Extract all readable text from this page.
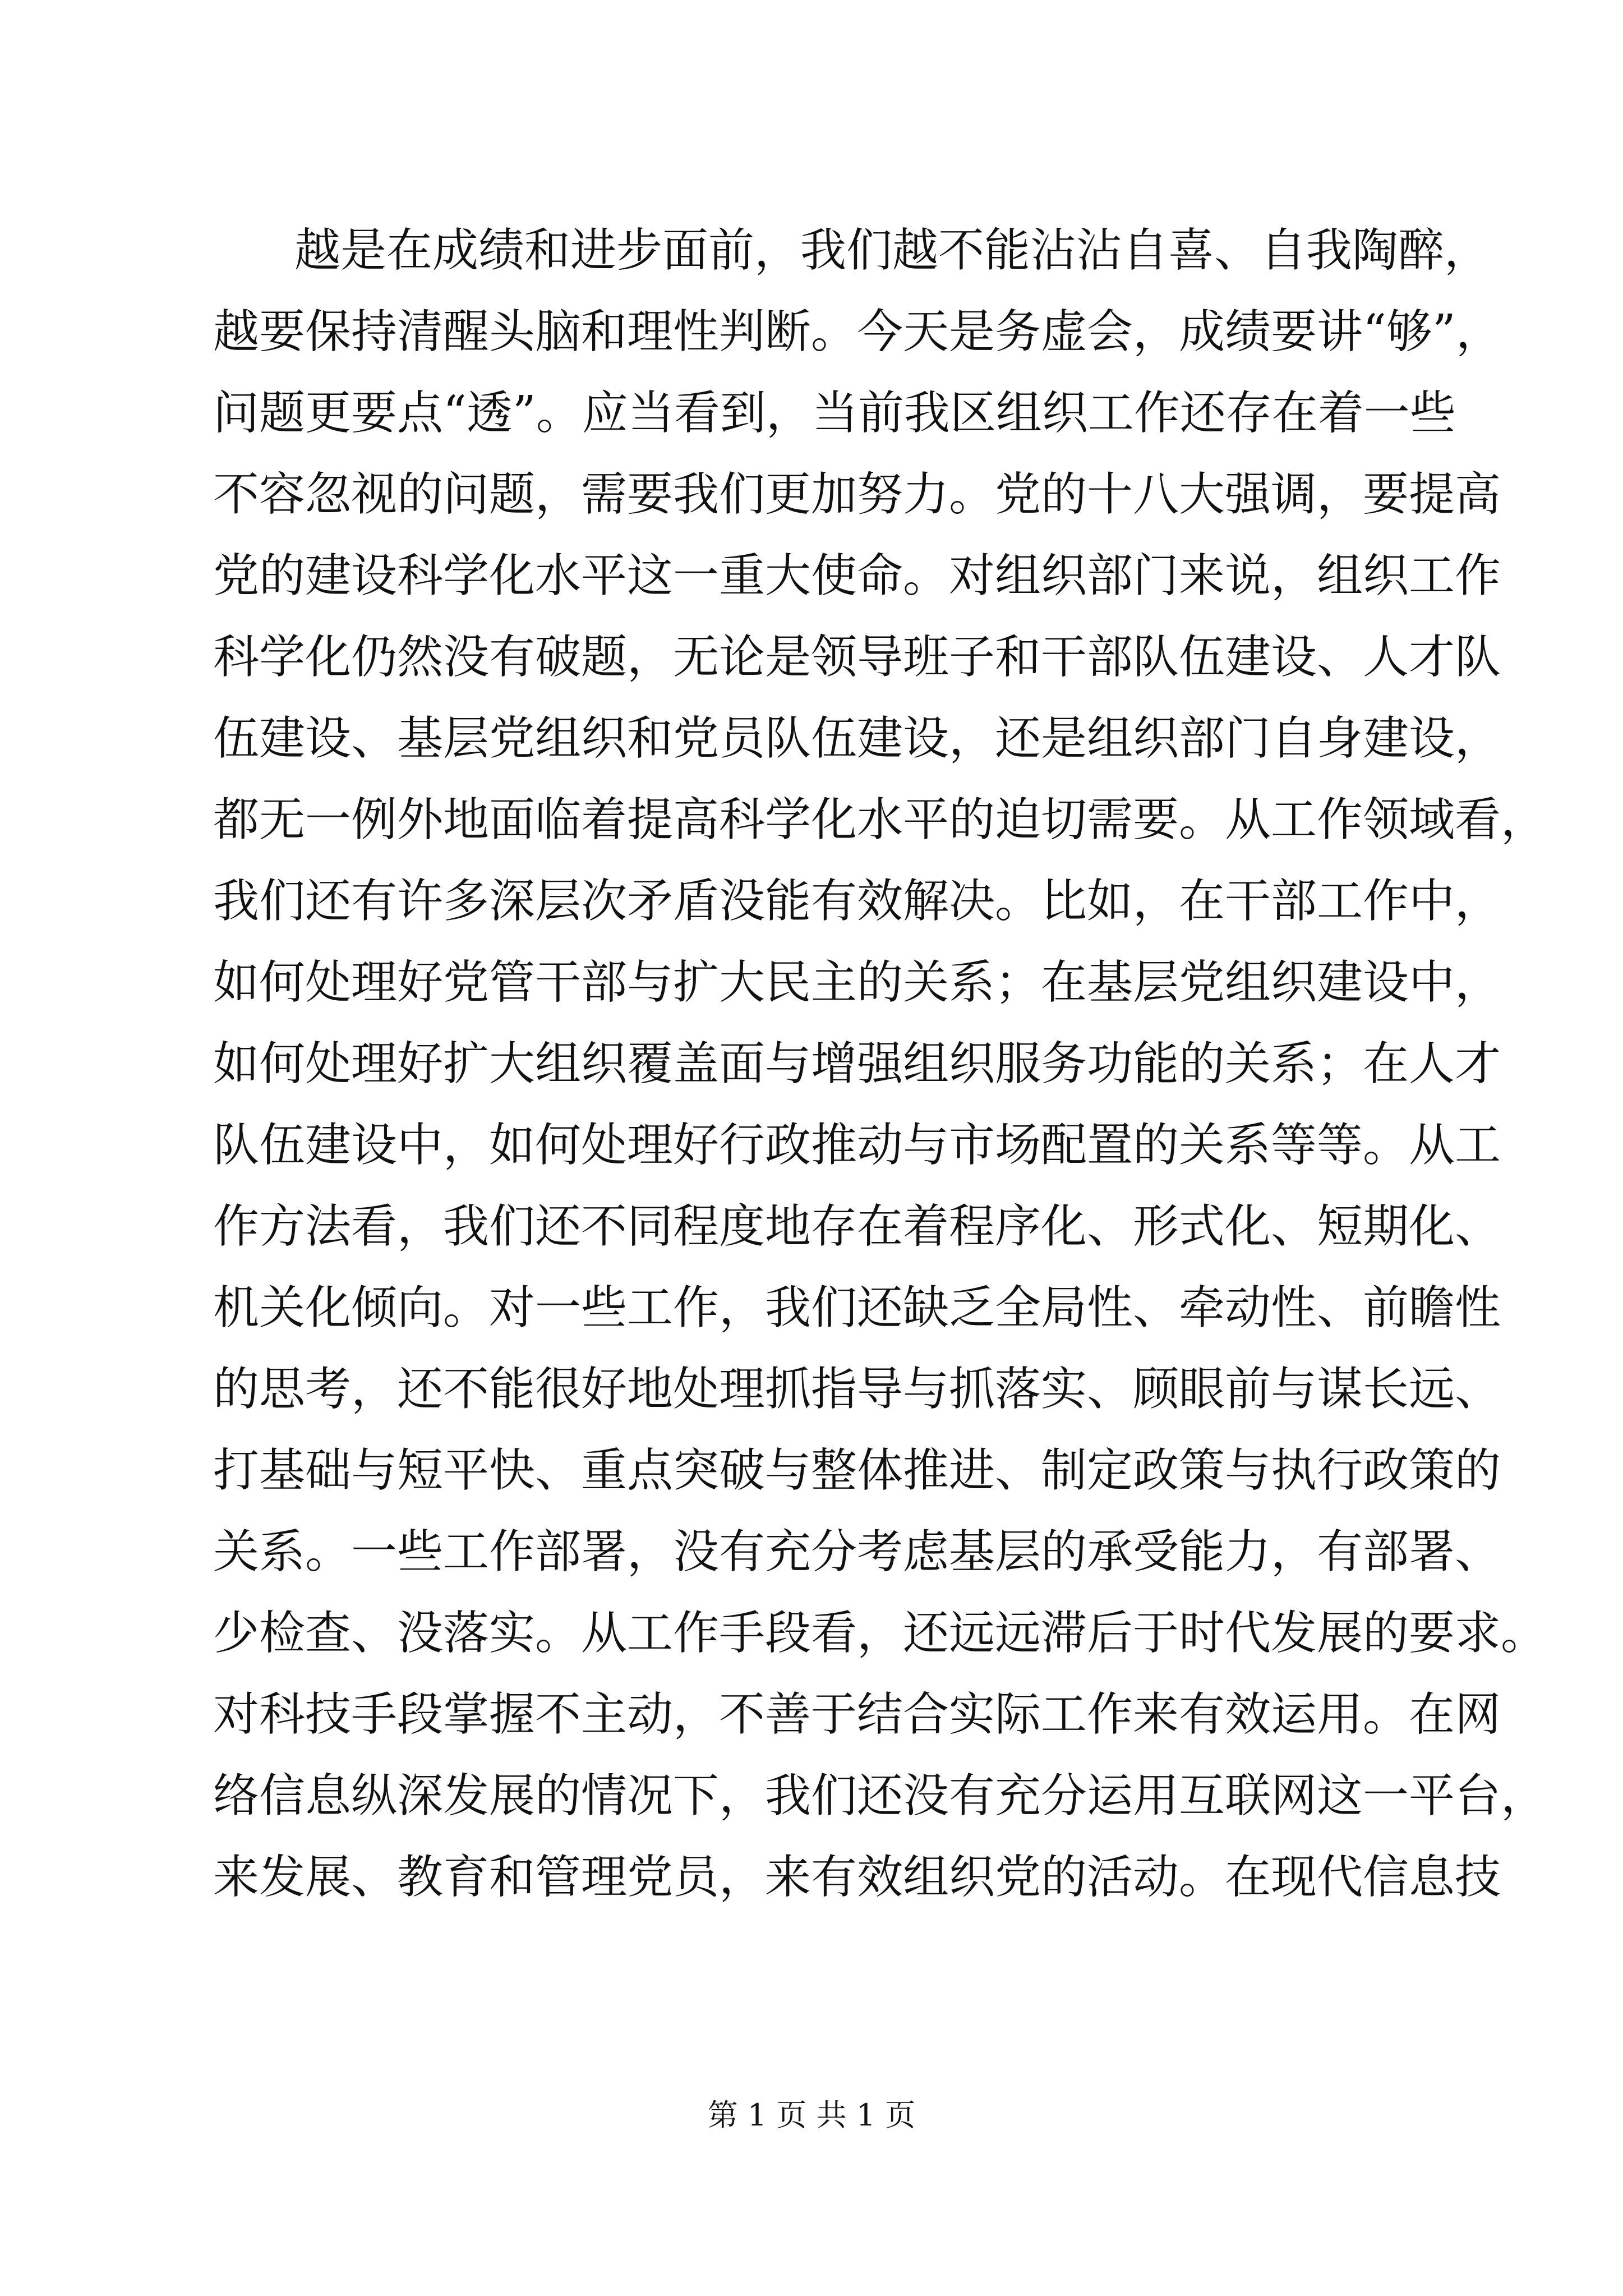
越是在成绩和进步面前，我们越不能沾沾自喜、自我陶醉，
越要保持清醒头脑和理性判断。今天是务虚会，成绩要讲“够”，
问题更要点“透”。应当看到，当前我区组织工作还存在着一些
不容忽视的问题，需要我们更加努力。党的十八大强调，要提高
党的建设科学化水平这一重大使命。对组织部门来说，组织工作
科学化仍然没有破题，无论是领导班子和干部队伍建设、人才队
伍建设、基层党组织和党员队伍建设，还是组织部门自身建设，
都无一例外地面临着提高科学化水平的迫切需要。从工作领域看，
我们还有许多深层次矛盾没能有效解决。比如，在干部工作中，
如何处理好党管干部与扩大民主的关系；在基层党组织建设中，
如何处理好扩大组织覆盖面与增强组织服务功能的关系；在人才
队伍建设中，如何处理好行政推动与市场配置的关系等等。从工
作方法看，我们还不同程度地存在着程序化、形式化、短期化、
机关化倾向。对一些工作，我们还缺乏全局性、牵动性、前瞻性
的思考，还不能很好地处理抓指导与抓落实、顾眼前与谋长远、
打基础与短平快、重点突破与整体推进、制定政策与执行政策的
关系。一些工作部署，没有充分考虑基层的承受能力，有部署、
少检查、没落实。从工作手段看，还远远滞后于时代发展的要求。
对科技手段掌握不主动，不善于结合实际工作来有效运用。在网
络信息纵深发展的情况下，我们还没有充分运用互联网这一平台，
来发展、教育和管理党员，来有效组织党的活动。在现代信息技
第 1 页 共 1 页
